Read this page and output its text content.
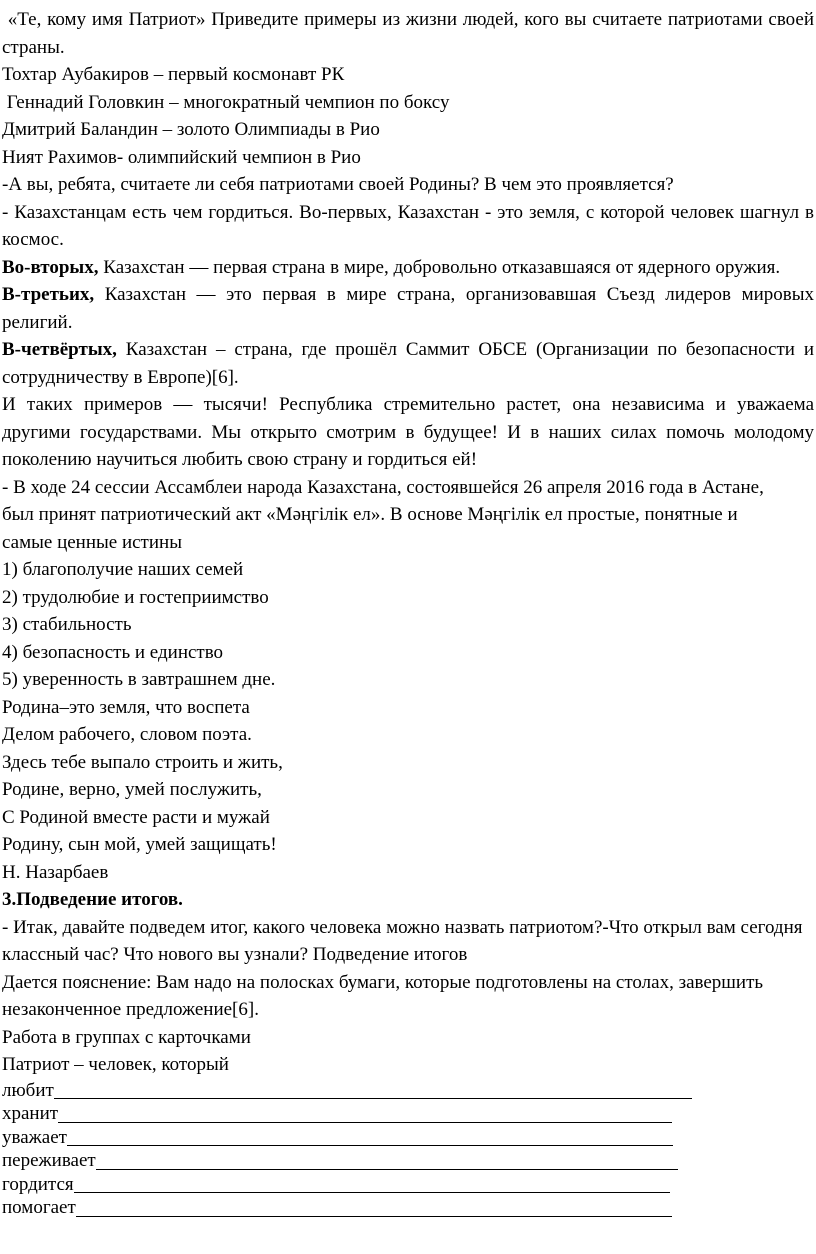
«Те, кому имя Патриот» Приведите примеры из жизни людей, кого вы считаете патриотами своей страны.

Тохтар Аубакиров – первый космонавт РК

Геннадий Головкин – многократный чемпион по боксу

Дмитрий Баландин – золото Олимпиады в Рио

Ният Рахимов- олимпийский чемпион в Рио

-А вы, ребята, считаете ли себя патриотами своей Родины? В чем это проявляется?

- Казахстанцам есть чем гордиться. Во-первых, Казахстан - это земля, с которой человек шагнул в космос.

Во-вторых, Казахстан — первая страна в мире, добровольно отказавшаяся от ядерного оружия.

В-третьих, Казахстан — это первая в мире страна, организовавшая Съезд лидеров мировых религий.

В-четвёртых, Казахстан – страна, где прошёл Саммит ОБСЕ (Организации по безопасности и сотрудничеству в Европе)[6].

И таких примеров — тысячи! Республика стремительно растет, она независима и уважаема другими государствами. Мы открыто смотрим в будущее! И в наших силах помочь молодому поколению научиться любить свою страну и гордиться ей!

- В ходе 24 сессии Ассамблеи народа Казахстана, состоявшейся 26 апреля 2016 года в Астане, был принят патриотический акт «Мәңгілік ел». В основе Мәңгілік ел простые, понятные и самые ценные истины

1) благополучие наших семей

2) трудолюбие и гостеприимство

3) стабильность

4) безопасность и единство

5) уверенность в завтрашнем дне.

Родина–это земля, что воспета

Делом рабочего, словом поэта.

Здесь тебе выпало строить и жить,

Родине, верно, умей послужить,

С Родиной вместе расти и мужай

Родину, сын мой, умей защищать!

Н. Назарбаев

3.Подведение итогов.

- Итак, давайте подведем итог, какого человека можно назвать патриотом?-Что открыл вам сегодня классный час? Что нового вы узнали? Подведение итогов

Дается пояснение: Вам надо на полосках бумаги, которые подготовлены на столах, завершить незаконченное предложение[6].

Работа в группах с карточками

Патриот – человек, который

любит
хранит
уважает
переживает
гордится
помогает
